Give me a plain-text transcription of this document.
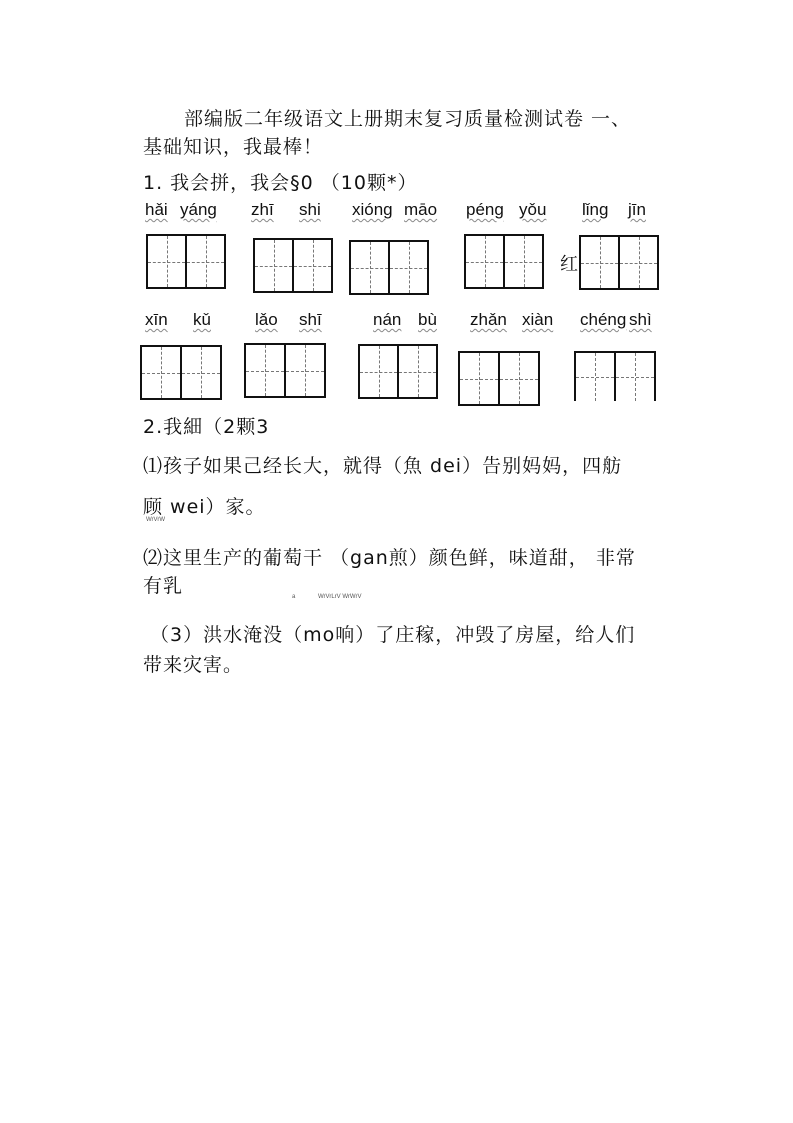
部编版二年级语文上册期末复习质量检测试卷 一、
基础知识，我最棒！
1. 我会拼，我会§0 （10颗*）
hǎi yáng zhī shi xióng māo péng yǒu lǐng jīn
红
xīn kǔ	lǎo shī	nán bù zhǎn xiàn chéng shì
2.我細（2颗3
⑴孩子如果己经长大，就得（魚 dei）告别妈妈，四舫
顾 wei）家。
WrVrW
⑵这里生产的葡萄干 （gan煎）颜色鲜，味道甜， 非常
有乳	a	WrVrLrV WrWrV
（3）洪水淹没（mo响）了庄稼，冲毁了房屋，给人们
带来灾害。
